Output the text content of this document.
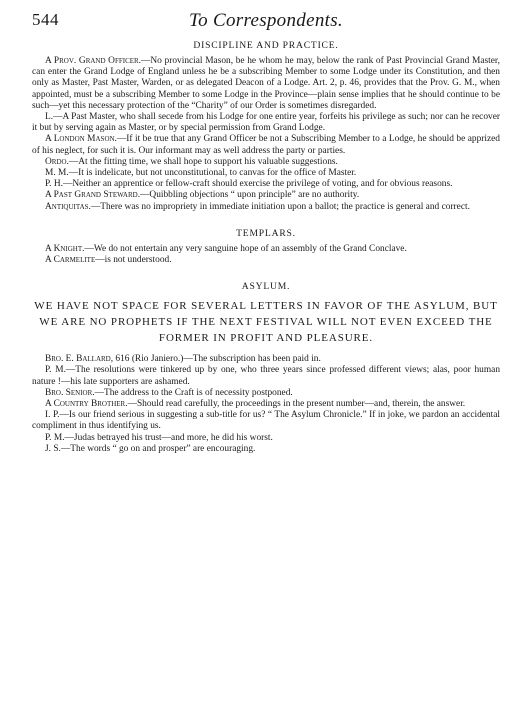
544	To Correspondents.
DISCIPLINE AND PRACTICE.

A Prov. Grand Officer.—No provincial Mason, be he whom he may, below the rank of Past Provincial Grand Master, can enter the Grand Lodge of England unless he be a subscribing Member to some Lodge under its Constitution, and then only as Master, Past Master, Warden, or as delegated Deacon of a Lodge. Art. 2, p. 46, provides that the Prov. G. M., when appointed, must be a subscribing Member to some Lodge in the Province—plain sense implies that he should continue to be such—yet this necessary protection of the “Charity” of our Order is sometimes disregarded.

L.—A Past Master, who shall secede from his Lodge for one entire year, forfeits his privilege as such; nor can he recover it but by serving again as Master, or by special permission from Grand Lodge.

A London Mason.—If it be true that any Grand Officer be not a Subscribing Member to a Lodge, he should be apprized of his neglect, for such it is. Our informant may as well address the party or parties.

Ordo.—At the fitting time, we shall hope to support his valuable suggestions.

M. M.—It is indelicate, but not unconstitutional, to canvas for the office of Master.

P. H.—Neither an apprentice or fellow-craft should exercise the privilege of voting, and for obvious reasons.

A Past Grand Steward.—Quibbling objections “ upon principle” are no authority.

Antiquitas.—There was no impropriety in immediate initiation upon a ballot; the practice is general and correct.

TEMPLARS.

A Knight.—We do not entertain any very sanguine hope of an assembly of the Grand Conclave.

A Carmelite—is not understood.

ASYLUM.
WE HAVE NOT SPACE FOR SEVERAL LETTERS IN FAVOR OF THE ASYLUM, BUT WE ARE NO PROPHETS IF THE NEXT FESTIVAL WILL NOT EVEN EXCEED THE FORMER IN PROFIT AND PLEASURE.

Bro. E. Ballard, 616 (Rio Janiero.)—The subscription has been paid in.

P. M.—The resolutions were tinkered up by one, who three years since professed different views; alas, poor human nature !—his late supporters are ashamed.

Bro. Senior.—The address to the Craft is of necessity postponed.

A Country Brother.—Should read carefully, the proceedings in the present number—and, therein, the answer.

I. P.—Is our friend serious in suggesting a sub-title for us? “ The Asylum Chronicle.” If in joke, we pardon an accidental compliment in thus identifying us.

P. M.—Judas betrayed his trust—and more, he did his worst.

J. S.—The words “ go on and prosper” are encouraging.
